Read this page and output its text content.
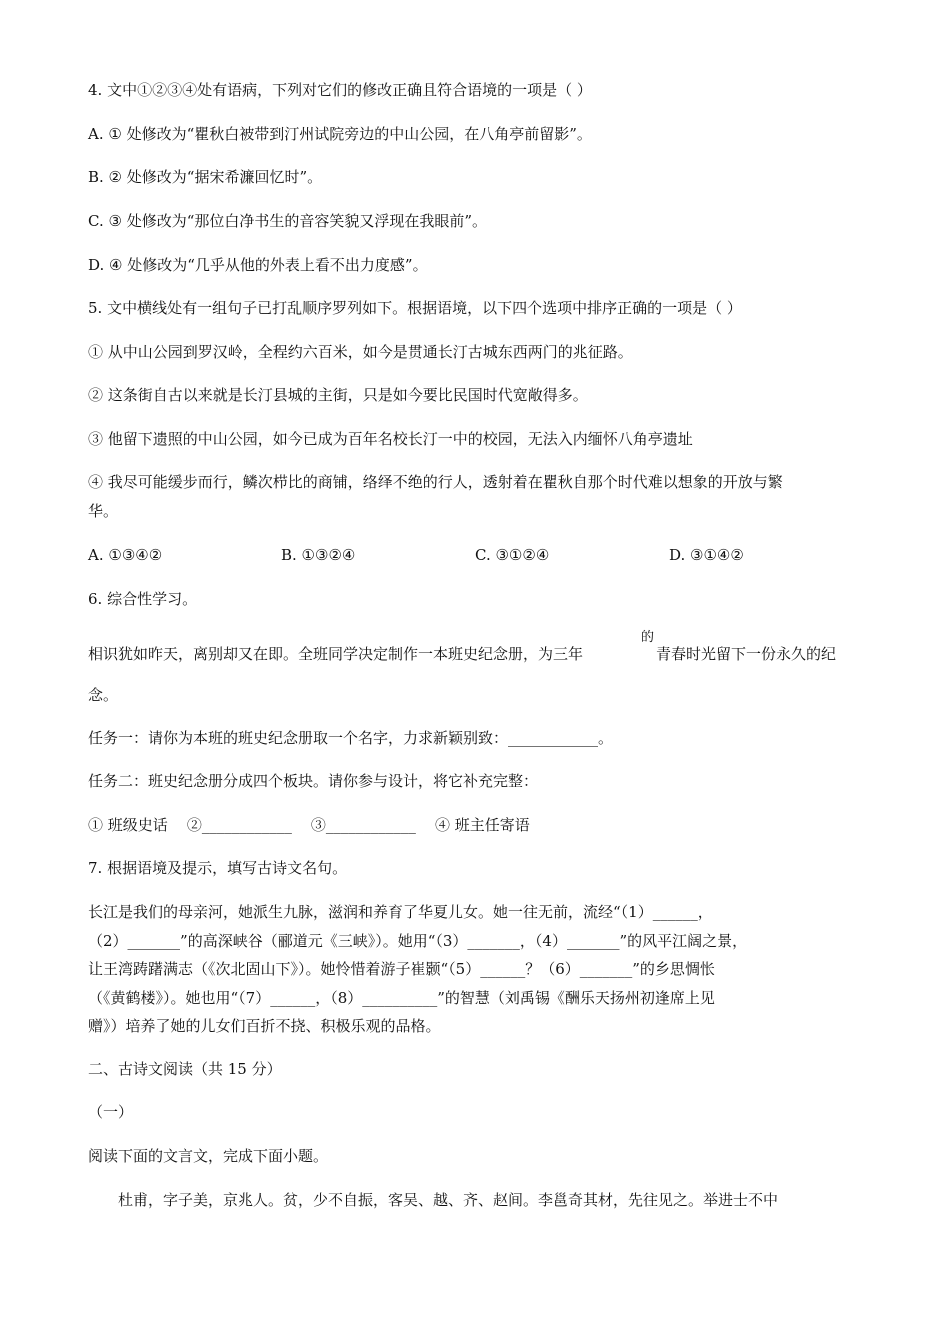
4. 文中①②③④处有语病，下列对它们的修改正确且符合语境的一项是（ ）
A. ① 处修改为“瞿秋白被带到汀州试院旁边的中山公园，在八角亭前留影”。
B. ② 处修改为“据宋希濂回忆时”。
C. ③ 处修改为“那位白净书生的音容笑貌又浮现在我眼前”。
D. ④ 处修改为“几乎从他的外表上看不出力度感”。
5. 文中横线处有一组句子已打乱顺序罗列如下。根据语境，以下四个选项中排序正确的一项是（ ）
① 从中山公园到罗汉岭，全程约六百米，如今是贯通长汀古城东西两门的兆征路。
② 这条街自古以来就是长汀县城的主街，只是如今要比民国时代宽敞得多。
③ 他留下遗照的中山公园，如今已成为百年名校长汀一中的校园，无法入内缅怀八角亭遗址
④ 我尽可能缓步而行，鳞次栉比的商铺，络绎不绝的行人，透射着在瞿秋自那个时代难以想象的开放与繁
华。
A. ①③④②	B. ①③②④	C. ③①②④	D. ③①④②
6. 综合性学习。
相识犹如昨天，离别却又在即。全班同学决定制作一本班史纪念册，为三年
的
青春时光留下一份永久的纪
念。
任务一：请你为本班的班史纪念册取一个名字，力求新颖别致：____________。
任务二：班史纪念册分成四个板块。请你参与设计，将它补充完整：
① 班级史话    ②____________    ③____________    ④ 班主任寄语
7. 根据语境及提示，填写古诗文名句。
长江是我们的母亲河，她派生九脉，滋润和养育了华夏儿女。她一往无前，流经“（1）______，
（2）_______”的高深峡谷（郦道元《三峡》）。她用“（3）_______，（4）_______”的风平江阔之景，
让王湾踌躇满志（《次北固山下》）。她怜惜着游子崔颢“（5）______？（6）_______”的乡思惆怅
（《黄鹤楼》）。她也用“（7）______，（8）__________”的智慧（刘禹锡《酬乐天扬州初逢席上见
赠》）培养了她的儿女们百折不挠、积极乐观的品格。
二、古诗文阅读（共 15 分）
（一）
阅读下面的文言文，完成下面小题。
杜甫，字子美，京兆人。贫，少不自振，客吴、越、齐、赵间。李邕奇其材，先往见之。举进士不中
